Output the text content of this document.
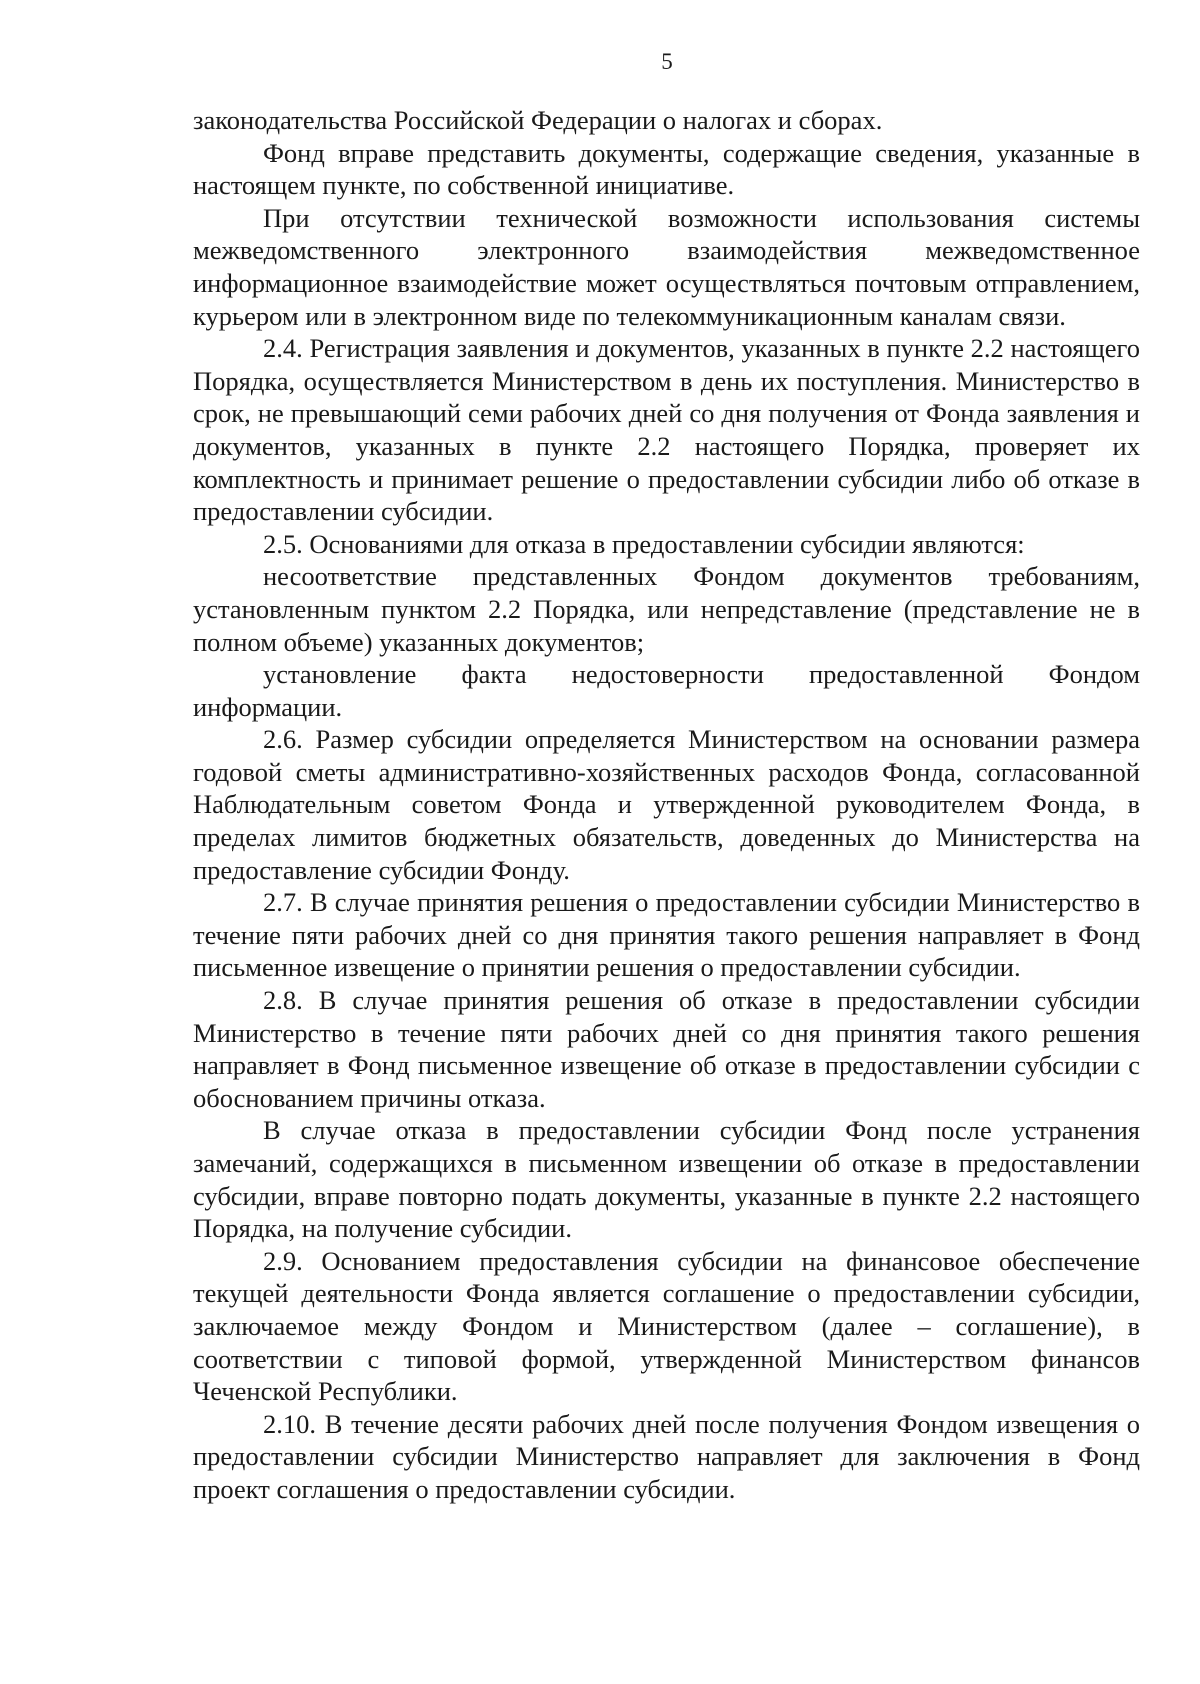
5

законодательства Российской Федерации о налогах и сборах.

Фонд вправе представить документы, содержащие сведения, указанные в настоящем пункте, по собственной инициативе.

При отсутствии технической возможности использования системы межведомственного электронного взаимодействия межведомственное информационное взаимодействие может осуществляться почтовым отправлением, курьером или в электронном виде по телекоммуникационным каналам связи.

2.4. Регистрация заявления и документов, указанных в пункте 2.2 настоящего Порядка, осуществляется Министерством в день их поступления. Министерство в срок, не превышающий семи рабочих дней со дня получения от Фонда заявления и документов, указанных в пункте 2.2 настоящего Порядка, проверяет их комплектность и принимает решение о предоставлении субсидии либо об отказе в предоставлении субсидии.

2.5. Основаниями для отказа в предоставлении субсидии являются:

несоответствие представленных Фондом документов требованиям, установленным пунктом 2.2 Порядка, или непредставление (представление не в полном объеме) указанных документов;

установление факта недостоверности предоставленной Фондом информации.

2.6. Размер субсидии определяется Министерством на основании размера годовой сметы административно-хозяйственных расходов Фонда, согласованной Наблюдательным советом Фонда и утвержденной руководителем Фонда, в пределах лимитов бюджетных обязательств, доведенных до Министерства на предоставление субсидии Фонду.

2.7. В случае принятия решения о предоставлении субсидии Министерство в течение пяти рабочих дней со дня принятия такого решения направляет в Фонд письменное извещение о принятии решения о предоставлении субсидии.

2.8. В случае принятия решения об отказе в предоставлении субсидии Министерство в течение пяти рабочих дней со дня принятия такого решения направляет в Фонд письменное извещение об отказе в предоставлении субсидии с обоснованием причины отказа.

В случае отказа в предоставлении субсидии Фонд после устранения замечаний, содержащихся в письменном извещении об отказе в предоставлении субсидии, вправе повторно подать документы, указанные в пункте 2.2 настоящего Порядка, на получение субсидии.

2.9. Основанием предоставления субсидии на финансовое обеспечение текущей деятельности Фонда является соглашение о предоставлении субсидии, заключаемое между Фондом и Министерством (далее – соглашение), в соответствии с типовой формой, утвержденной Министерством финансов Чеченской Республики.

2.10. В течение десяти рабочих дней после получения Фондом извещения о предоставлении субсидии Министерство направляет для заключения в Фонд проект соглашения о предоставлении субсидии.
